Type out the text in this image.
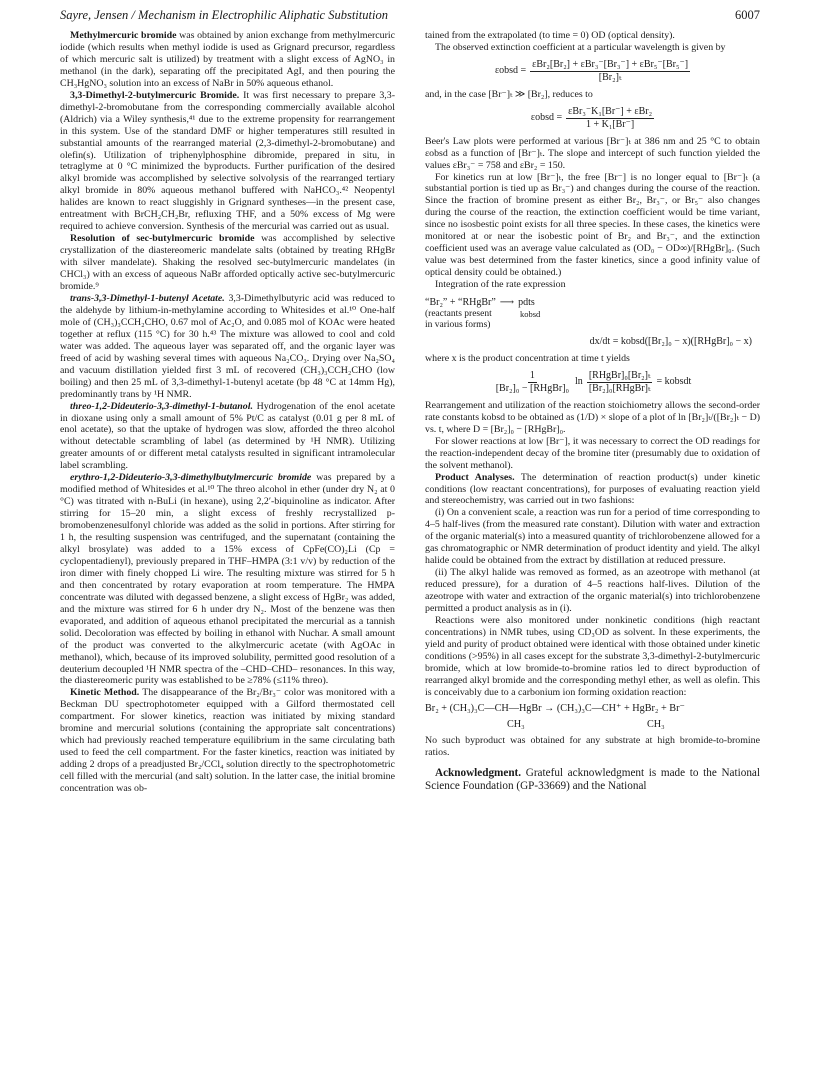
Sayre, Jensen / Mechanism in Electrophilic Aliphatic Substitution	6007

Methylmercuric bromide was obtained by anion exchange from methylmercuric iodide (which results when methyl iodide is used as Grignard precursor, regardless of which mercuric salt is utilized) by treatment with a slight excess of AgNO₃ in methanol (in the dark), separating off the precipitated AgI, and then pouring the CH₃HgNO₃ solution into an excess of NaBr in 50% aqueous ethanol.

3,3-Dimethyl-2-butylmercuric Bromide. It was first necessary to prepare 3,3-dimethyl-2-bromobutane from the corresponding commercially available alcohol (Aldrich) via a Wiley synthesis,⁴¹ due to the extreme propensity for rearrangement in this system. Use of the standard DMF or higher temperatures still resulted in substantial amounts of the rearranged material (2,3-dimethyl-2-bromobutane) and olefin(s). Utilization of triphenylphosphine dibromide, prepared in situ, in tetraglyme at 0 °C minimized the byproducts. Further purification of the desired alkyl bromide was accomplished by selective solvolysis of the rearranged tertiary alkyl bromide in 80% aqueous methanol buffered with NaHCO₃.⁴² Neopentyl halides are known to react sluggishly in Grignard syntheses—in the present case, entreatment with BrCH₂CH₂Br, refluxing THF, and a 50% excess of Mg were required to achieve conversion. Synthesis of the mercurial was carried out as usual.

Resolution of sec-butylmercuric bromide was accomplished by selective crystallization of the diastereomeric mandelate salts (obtained by treating RHgBr with silver mandelate). Shaking the resolved sec-butylmercuric mandelates (in CHCl₃) with an excess of aqueous NaBr afforded optically active sec-butylmercuric bromide.⁹

trans-3,3-Dimethyl-1-butenyl Acetate. 3,3-Dimethylbutyric acid was reduced to the aldehyde by lithium-in-methylamine according to Whitesides et al.¹⁰ One-half mole of (CH₃)₃CCH₂CHO, 0.67 mol of Ac₂O, and 0.085 mol of KOAc were heated together at reflux (115 °C) for 30 h.⁴³ The mixture was allowed to cool and cold water was added. The aqueous layer was separated off, and the organic layer was freed of acid by washing several times with aqueous Na₂CO₃. Drying over Na₂SO₄ and vacuum distillation yielded first 3 mL of recovered (CH₃)₃CCH₂CHO (low boiling) and then 25 mL of 3,3-dimethyl-1-butenyl acetate (bp 48 °C at 14mm Hg), predominantly trans by ¹H NMR.

threo-1,2-Dideuterio-3,3-dimethyl-1-butanol. Hydrogenation of the enol acetate in dioxane using only a small amount of 5% Pt/C as catalyst (0.01 g per 8 mL of enol acetate), so that the uptake of hydrogen was slow, afforded the threo alcohol without detectable scrambling of label (as determined by ¹H NMR). Utilizing greater amounts of or different metal catalysts resulted in significant intramolecular label scrambling.

erythro-1,2-Dideuterio-3,3-dimethylbutylmercuric bromide was prepared by a modified method of Whitesides et al.¹⁰ The threo alcohol in ether (under dry N₂ at 0 °C) was titrated with n-BuLi (in hexane), using 2,2′-biquinoline as indicator. After stirring for 15–20 min, a slight excess of freshly recrystallized p-bromobenzenesulfonyl chloride was added as the solid in portions. After stirring for 1 h, the resulting suspension was centrifuged, and the supernatant (containing the alkyl brosylate) was added to a 15% excess of CpFe(CO)₂Li (Cp = cyclopentadienyl), previously prepared in THF–HMPA (3:1 v/v) by reduction of the iron dimer with finely chopped Li wire. The resulting mixture was stirred for 5 h and then concentrated by rotary evaporation at room temperature. The HMPA concentrate was diluted with degassed benzene, a slight excess of HgBr₂ was added, and the mixture was stirred for 6 h under dry N₂. Most of the benzene was then evaporated, and addition of aqueous ethanol precipitated the mercurial as a tannish solid. Decoloration was effected by boiling in ethanol with Nuchar. A small amount of the product was converted to the alkylmercuric acetate (with AgOAc in methanol), which, because of its improved solubility, permitted good resolution of a deuterium decoupled ¹H NMR spectra of the –CHD–CHD– resonances. In this way, the diastereomeric purity was established to be ≥78% (≤11% threo).

Kinetic Method. The disappearance of the Br₂/Br₃⁻ color was monitored with a Beckman DU spectrophotometer equipped with a Gilford thermostated cell compartment. For slower kinetics, reaction was initiated by mixing standard bromine and mercurial solutions (containing the appropriate salt concentrations) which had previously reached temperature equilibrium in the same circulating bath used to feed the cell compartment. For the faster kinetics, reaction was initiated by adding 2 drops of a preadjusted Br₂/CCl₄ solution directly to the spectrophotometric cell filled with the mercurial (and salt) solution. In the latter case, the initial bromine concentration was ob-

tained from the extrapolated (to time = 0) OD (optical density).

The observed extinction coefficient at a particular wavelength is given by

εobsd = $\frac{\text{εBr₂[Br₂] + εBr₃⁻[Br₃⁻] + εBr₅⁻[Br₅⁻]}}{\text{[Br₂]ₜ}}$

and, in the case [Br⁻]ₜ ≫ [Br₂], reduces to

εobsd = $\frac{\text{εBr₃⁻K₁[Br⁻] + εBr₂}}{\text{1 + K₁[Br⁻]}}$

Beer's Law plots were performed at various [Br⁻]ₜ at 386 nm and 25 °C to obtain εobsd as a function of [Br⁻]ₜ. The slope and intercept of such function yielded the values εBr₃⁻ = 758 and εBr₂ = 150.

For kinetics run at low [Br⁻]ₜ, the free [Br⁻] is no longer equal to [Br⁻]ₜ (a substantial portion is tied up as Br₃⁻) and changes during the course of the reaction. Since the fraction of bromine present as either Br₂, Br₃⁻, or Br₅⁻ also changes during the course of the reaction, the extinction coefficient would be time variant, since no isosbestic point exists for all three species. In these cases, the kinetics were monitored at or near the isobestic point of Br₂ and Br₃⁻, and the extinction coefficient used was an average value calculated as (OD₀ − OD∞)/[RHgBr]₀. (Such value was best determined from the faster kinetics, since a good infinity value of optical density could be obtained.)

Integration of the rate expression

“Br₂” + “RHgBr” ⟶ pdts
(reactants present	kobsd
in various forms)
dx/dt = kobsd([Br₂]₀ − x)([RHgBr]₀ − x)

where x is the product concentration at time t yields

$\frac{1}{\text{[Br₂]₀ − [RHgBr]₀}}$ $\ln \frac{\text{[RHgBr]₀[Br₂]ₜ}}{\text{[Br₂]₀[RHgBr]ₜ}}$ = kobsdt

Rearrangement and utilization of the reaction stoichiometry allows the second-order rate constants kobsd to be obtained as (1/D) × slope of a plot of ln [Br₂]ₜ/([Br₂]ₜ − D) vs. t, where D = [Br₂]₀ − [RHgBr]₀.

For slower reactions at low [Br⁻], it was necessary to correct the OD readings for the reaction-independent decay of the bromine titer (presumably due to oxidation of the solvent methanol).

Product Analyses. The determination of reaction product(s) under kinetic conditions (low reactant concentrations), for purposes of evaluating reaction yield and stereochemistry, was carried out in two fashions:

(i) On a convenient scale, a reaction was run for a period of time corresponding to 4–5 half-lives (from the measured rate constant). Dilution with water and extraction of the organic material(s) into a measured quantity of trichlorobenzene allowed for a gas chromatographic or NMR determination of product identity and yield. The alkyl halide could be obtained from the extract by distillation at reduced pressure.

(ii) The alkyl halide was removed as formed, as an azeotrope with methanol (at reduced pressure), for a duration of 4–5 reactions half-lives. Dilution of the azeotrope with water and extraction of the organic material(s) into trichlorobenzene permitted a product analysis as in (i).

Reactions were also monitored under nonkinetic conditions (high reactant concentrations) in NMR tubes, using CD₃OD as solvent. In these experiments, the yield and purity of product obtained were identical with those obtained under kinetic conditions (>95%) in all cases except for the substrate 3,3-dimethyl-2-butylmercuric bromide, which at low bromide-to-bromine ratios led to direct byproduction of rearranged alkyl bromide and the corresponding methyl ether, as well as olefin. This is conceivably due to a carbonium ion forming oxidation reaction:

Br₂ + (CH₃)₃C—CH—HgBr → (CH₃)₃C—CH⁺ + HgBr₂ + Br⁻
CH₃	CH₃

No such byproduct was obtained for any substrate at high bromide-to-bromine ratios.

Acknowledgment. Grateful acknowledgment is made to the National Science Foundation (GP-33669) and the National
